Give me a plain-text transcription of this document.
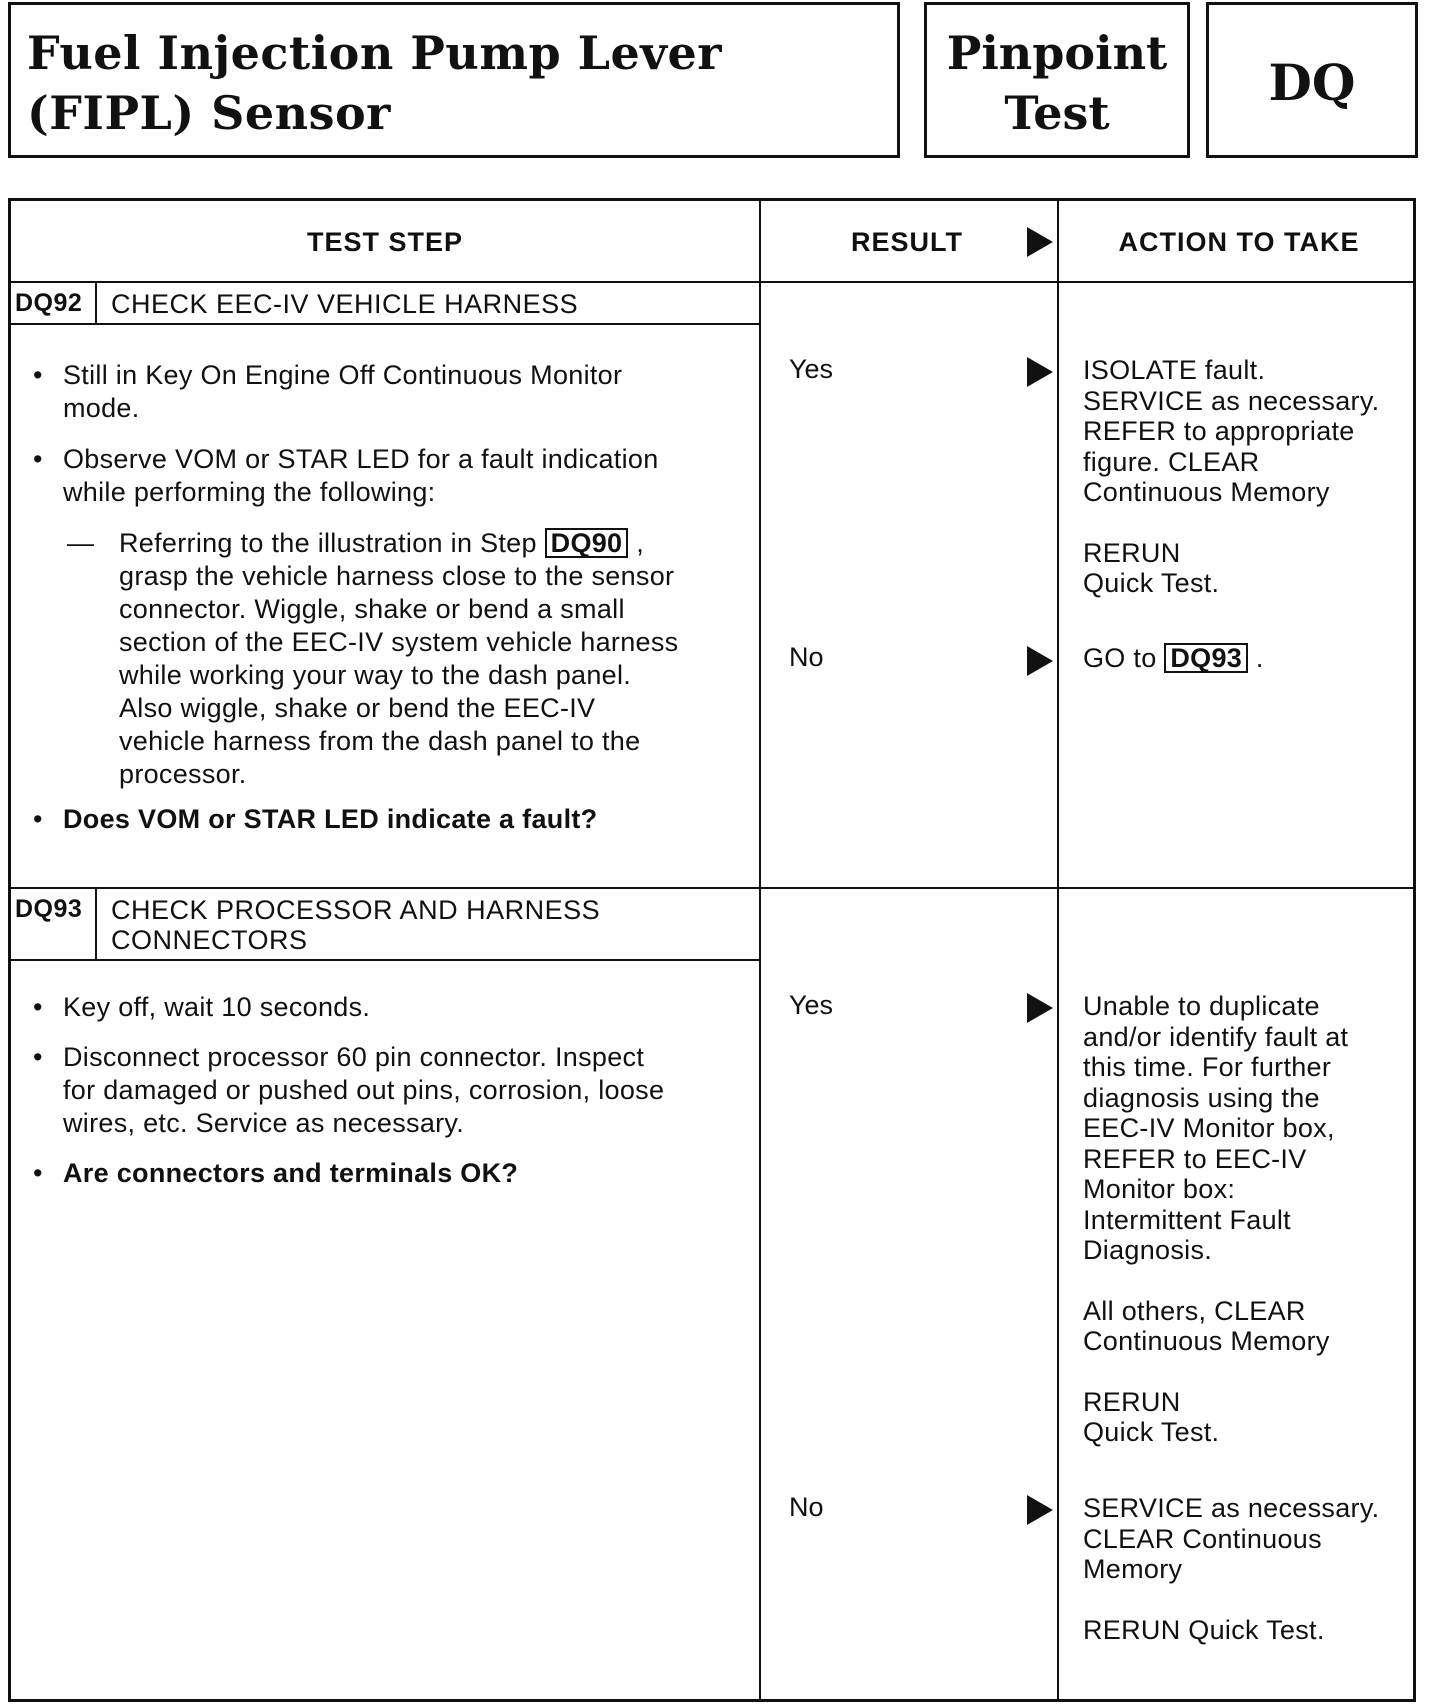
Fuel Injection Pump Lever
(FIPL) Sensor
Pinpoint
Test
DQ
TEST STEP	RESULT	ACTION TO TAKE
DQ92 CHECK EEC-IV VEHICLE HARNESS
• Still in Key On Engine Off Continuous Monitor
mode.
• Observe VOM or STAR LED for a fault indication
while performing the following:
— Referring to the illustration in Step DQ90 ,
grasp the vehicle harness close to the sensor
connector. Wiggle, shake or bend a small
section of the EEC-IV system vehicle harness
while working your way to the dash panel.
Also wiggle, shake or bend the EEC-IV
vehicle harness from the dash panel to the
processor.
• Does VOM or STAR LED indicate a fault?
Yes	ISOLATE fault.

SERVICE as necessary.

REFER to appropriate

figure. CLEAR

Continuous Memory

RERUN

Quick Test.

No	GO to DQ93 .
DQ93 CHECK PROCESSOR AND HARNESS
CONNECTORS
• Key off, wait 10 seconds.
• Disconnect processor 60 pin connector. Inspect
for damaged or pushed out pins, corrosion, loose
wires, etc. Service as necessary.
• Are connectors and terminals OK?
Yes	Unable to duplicate

and/or identify fault at

this time. For further

diagnosis using the

EEC-IV Monitor box,

REFER to EEC-IV

Monitor box:

Intermittent Fault

Diagnosis.

All others, CLEAR

Continuous Memory

RERUN

Quick Test.

No	SERVICE as necessary.

CLEAR Continuous

Memory

RERUN Quick Test.
